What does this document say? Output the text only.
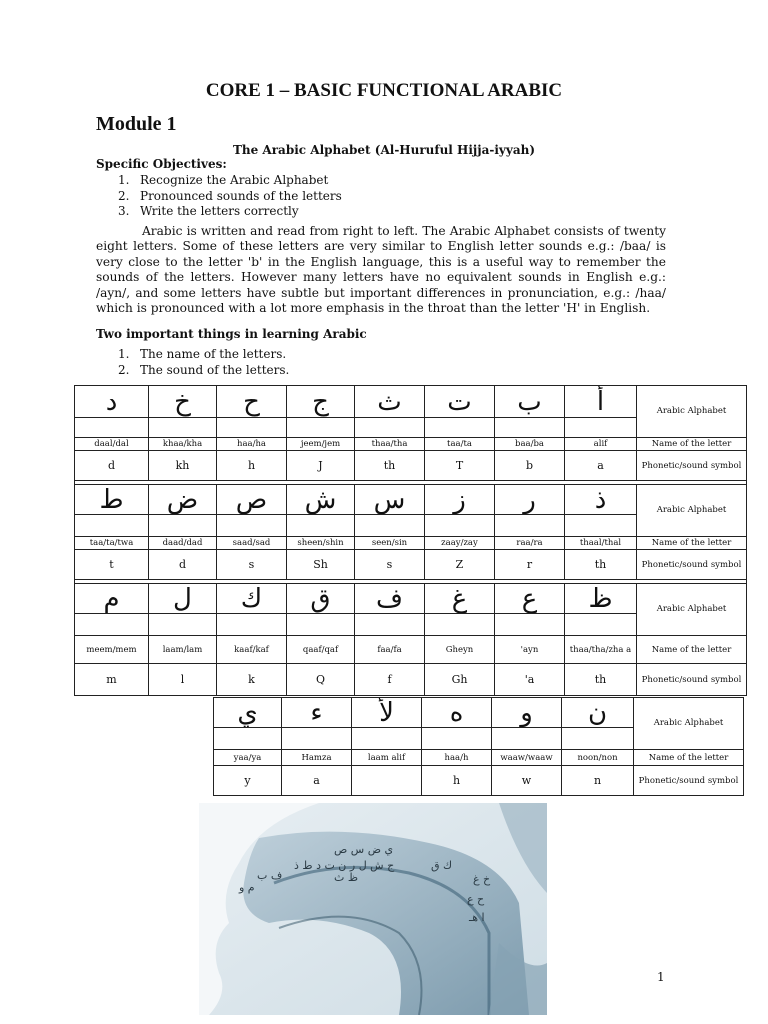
CORE 1 – BASIC FUNCTIONAL ARABIC
Module 1
The Arabic Alphabet (Al-Huruful Hijja-iyyah)
Specific Objectives:
1. Recognize the Arabic Alphabet
2. Pronounced sounds of the letters
3. Write the letters correctly

Arabic is written and read from right to left. The Arabic Alphabet consists of twenty eight letters. Some of these letters are very similar to English letter sounds e.g.: /baa/ is very close to the letter 'b' in the English language, this is a useful way to remember the sounds of the letters. However many letters have no equivalent sounds in English e.g.: /ayn/, and some letters have subtle but important differences in pronunciation, e.g.: /haa/ which is pronounced with a lot more emphasis in the throat than the letter 'H' in English.

Two important things in learning Arabic
1. The name of the letters.
2. The sound of the letters.
د	خ	ح	ج	ث	ت	ب	أ	Arabic Alphabet

daal/dal	khaa/kha	haa/ha	jeem/jem	thaa/tha	taa/ta	baa/ba	alif	Name of the letter
d	kh	h	J	th	T	b	a	Phonetic/sound symbol

ط	ض	ص	ش	س	ز	ر	ذ	Arabic Alphabet

taa/ta/twa	daad/dad	saad/sad	sheen/shin	seen/sin	zaay/zay	raa/ra	thaal/thal	Name of the letter
t	d	s	Sh	s	Z	r	th	Phonetic/sound symbol

م	ل	ك	ق	ف	غ	ع	ظ	Arabic Alphabet

meem/mem	laam/lam	kaaf/kaf	qaaf/qaf	faa/fa	Gheyn	'ayn	thaa/tha/zha a	Name of the letter
m	l	k	Q	f	Gh	'a	th	Phonetic/sound symbol
ي	ء	لأ	ه	و	ن	Arabic Alphabet

yaa/ya	Hamza	laam alif	haa/h	waaw/waaw	noon/non	Name of the letter
y	a		h	w	n	Phonetic/sound symbol
ي ض س ص
ج ش ل ر ن ت د ط ذ
ظ ث
ف ب
ك ق
خ غ
ح ع
ا هـ
م و
1
